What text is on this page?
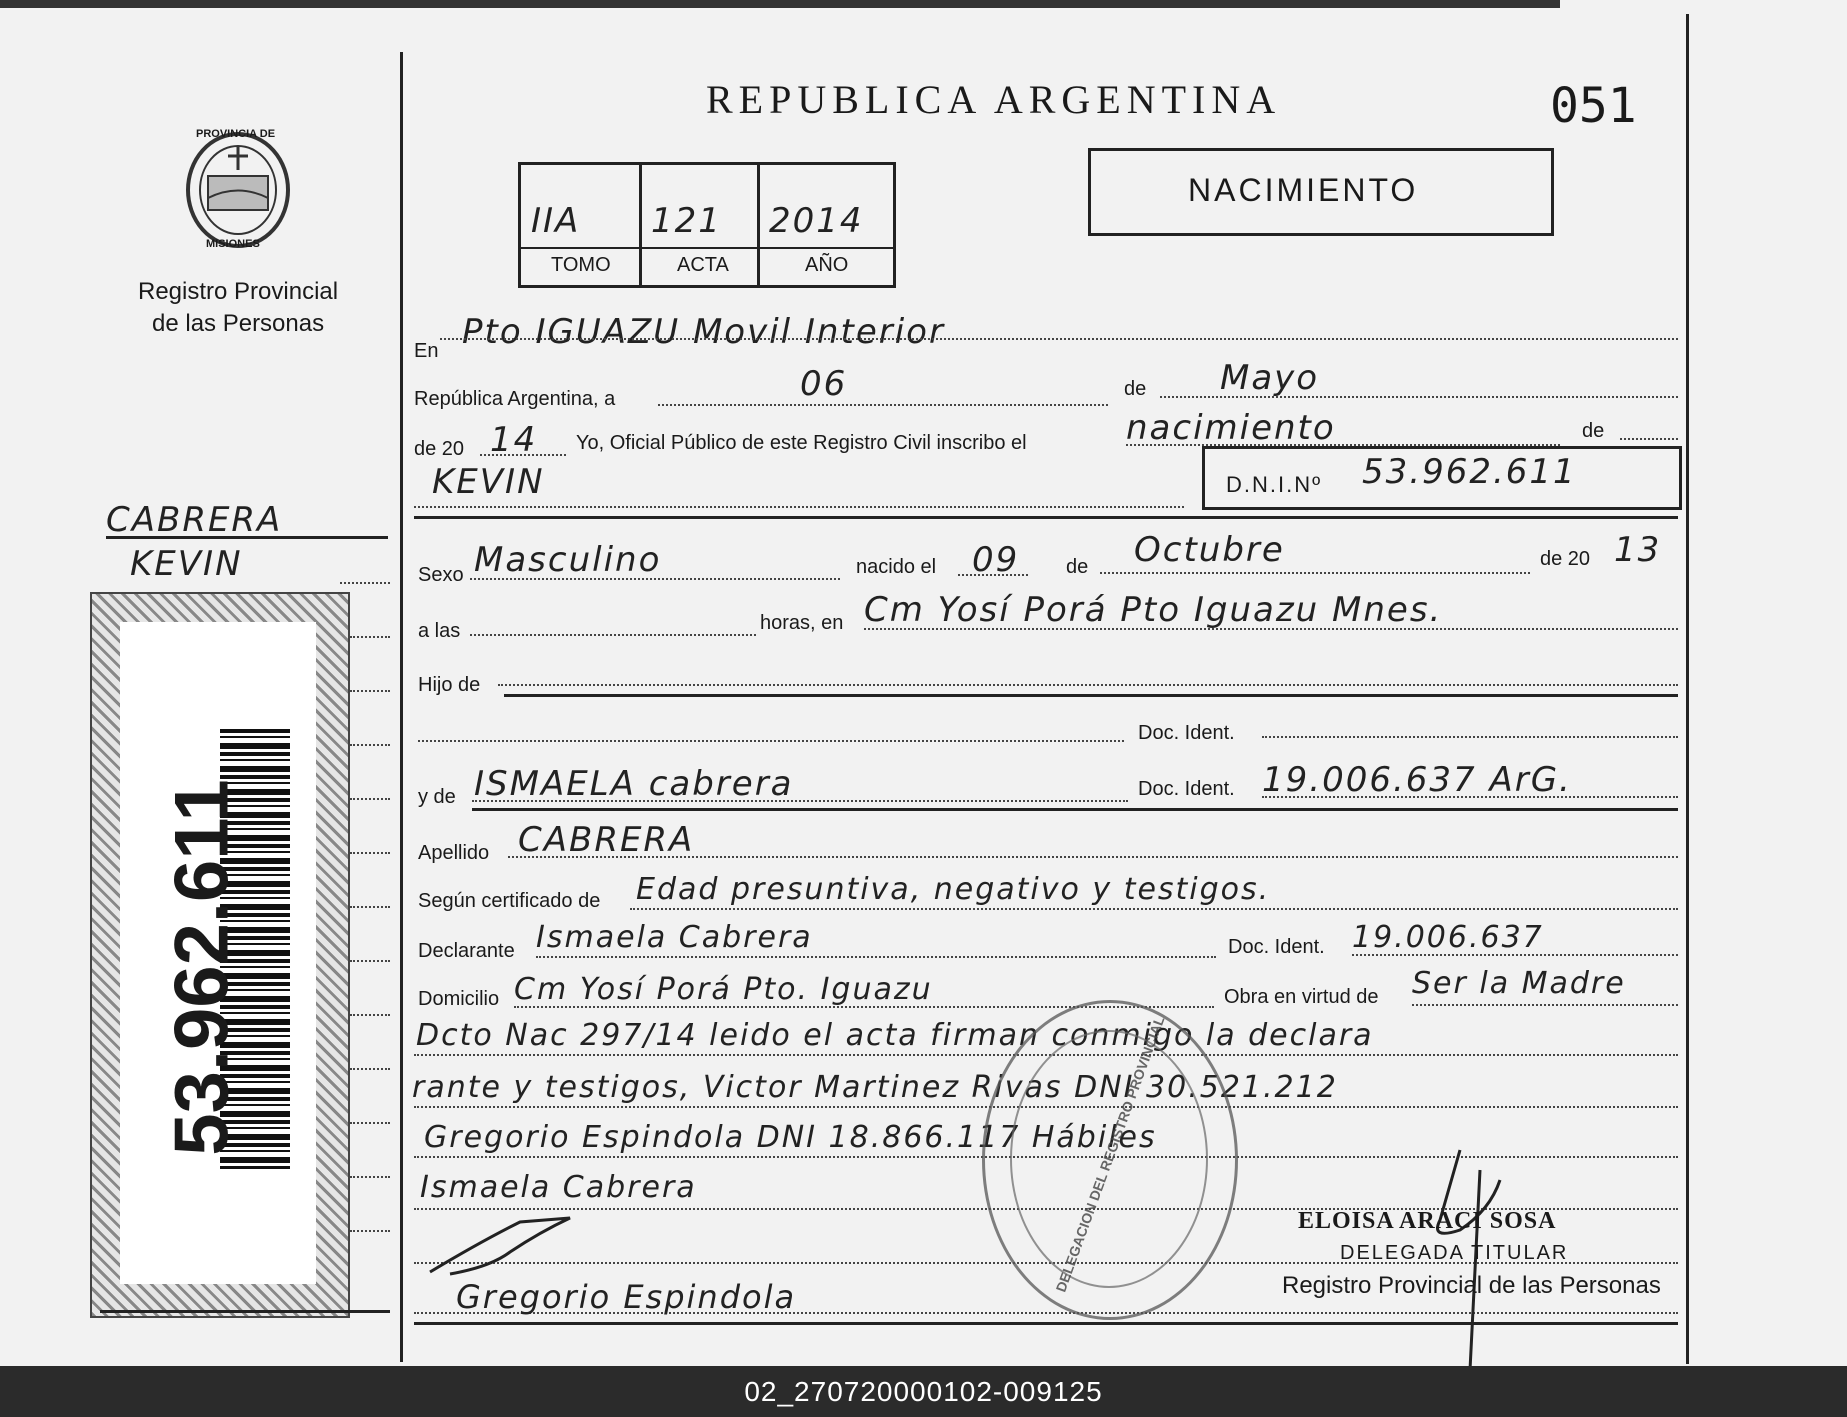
PROVINCIA DE
MISIONES
Registro Provincial
de las Personas
CABRERA
KEVIN
53.962.611
REPUBLICA ARGENTINA	051
NACIMIENTO
IIA 121 2014
TOMO	ACTA	AÑO
En Pto IGUAZU Movil Interior
República Argentina, a	06	de Mayo
de 20 14 Yo, Oficial Público de este Registro Civil inscribo el	nacimiento	de
KEVIN	D.N.I.Nº 53.962.611
Sexo Masculino	nacido el 09 de Octubre	de 20 13
a las	horas, en Cm Yosí Porá Pto Iguazu Mnes.
Hijo de
Doc. Ident.
y de ISMAELA cabrera	Doc. Ident. 19.006.637 ArG.
Apellido CABRERA
Según certificado de Edad presuntiva, negativo y testigos.
Declarante Ismaela Cabrera	Doc. Ident. 19.006.637
Domicilio Cm Yosí Porá Pto. Iguazu	Obra en virtud de Ser la Madre
Dcto Nac 297/14 leido el acta firman conmigo la declara
rante y testigos, Victor Martinez Rivas DNI 30.521.212
Gregorio Espindola DNI 18.866.117 Hábiles
Ismaela Cabrera
Gregorio Espindola
DELEGACION DEL REGISTRO PROVINCIAL	ELOISA ARACI SOSA
DELEGADA TITULAR
Registro Provincial de las Personas
02_270720000102-009125
